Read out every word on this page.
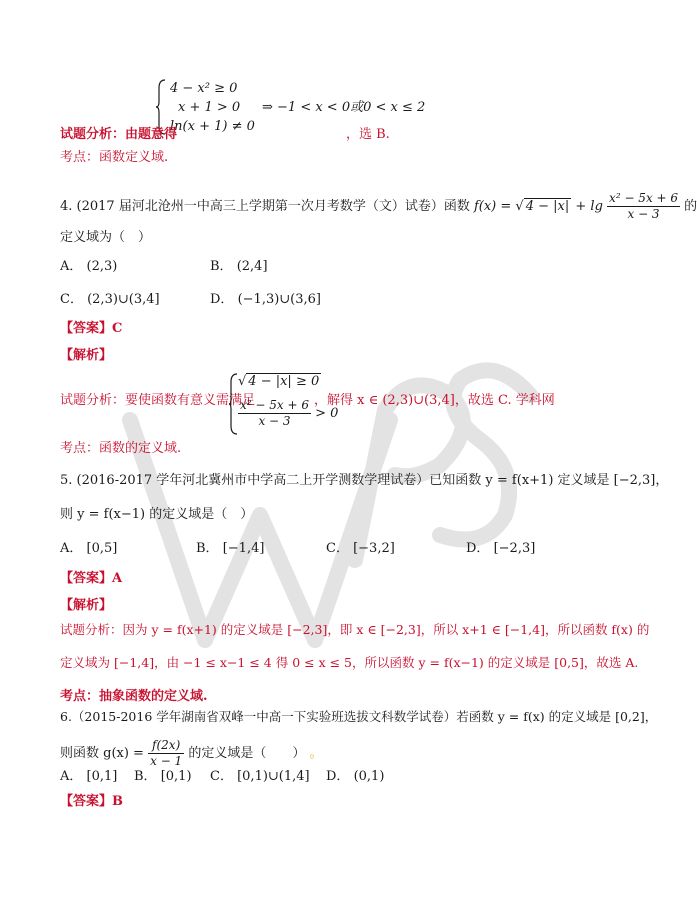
4 − x² ≥ 0
x + 1 > 0
ln(x + 1) ≠ 0
⇒ −1 < x < 0或0 < x ≤ 2
试题分析：由题意得	，选 B.
考点：函数定义域.
4. (2017 届河北沧州一中高三上学期第一次月考数学（文）试卷）函数 f(x) = √ $4 - |x| + \lg \frac{\text{x² − 5x + 6}}{x - 3}$ 的
定义域为（　）
A． (2,3)	B． (2,4]
C． (2,3)∪(3,4]	D． (−1,3)∪(3,6]
【答案】C
【解析】
试题分析：要使函数有意义需满足
√ 4 − |x| ≥ 0
$\frac{\text{x² − 5x + 6}}{x - 3} > 0$
，解得 x ∈ (2,3)∪(3,4]，故选 C. 学科网
考点：函数的定义域.
5. (2016-2017 学年河北冀州市中学高二上开学测数学理试卷）已知函数 y = f(x+1) 定义域是 [−2,3]，
则 y = f(x−1) 的定义域是（　）
A． [0,5]	B． [−1,4]	C． [−3,2]	D． [−2,3]
【答案】A
【解析】
试题分析：因为 y = f(x+1) 的定义域是 [−2,3]，即 x ∈ [−2,3]，所以 x+1 ∈ [−1,4]，所以函数 f(x) 的
定义域为 [−1,4]，由 −1 ≤ x−1 ≤ 4 得 0 ≤ x ≤ 5，所以函数 y = f(x−1) 的定义域是 [0,5]，故选 A.
考点：抽象函数的定义域.
6.（2015-2016 学年湖南省双峰一中高一下实验班选拔文科数学试卷）若函数 y = f(x) 的定义域是 [0,2]，
则函数 $g(x) = \frac{f(2x)}{x - 1}$ 的定义域是（　　） 。
A． [0,1] B． [0,1) C． [0,1)∪(1,4] D． (0,1)
【答案】B
